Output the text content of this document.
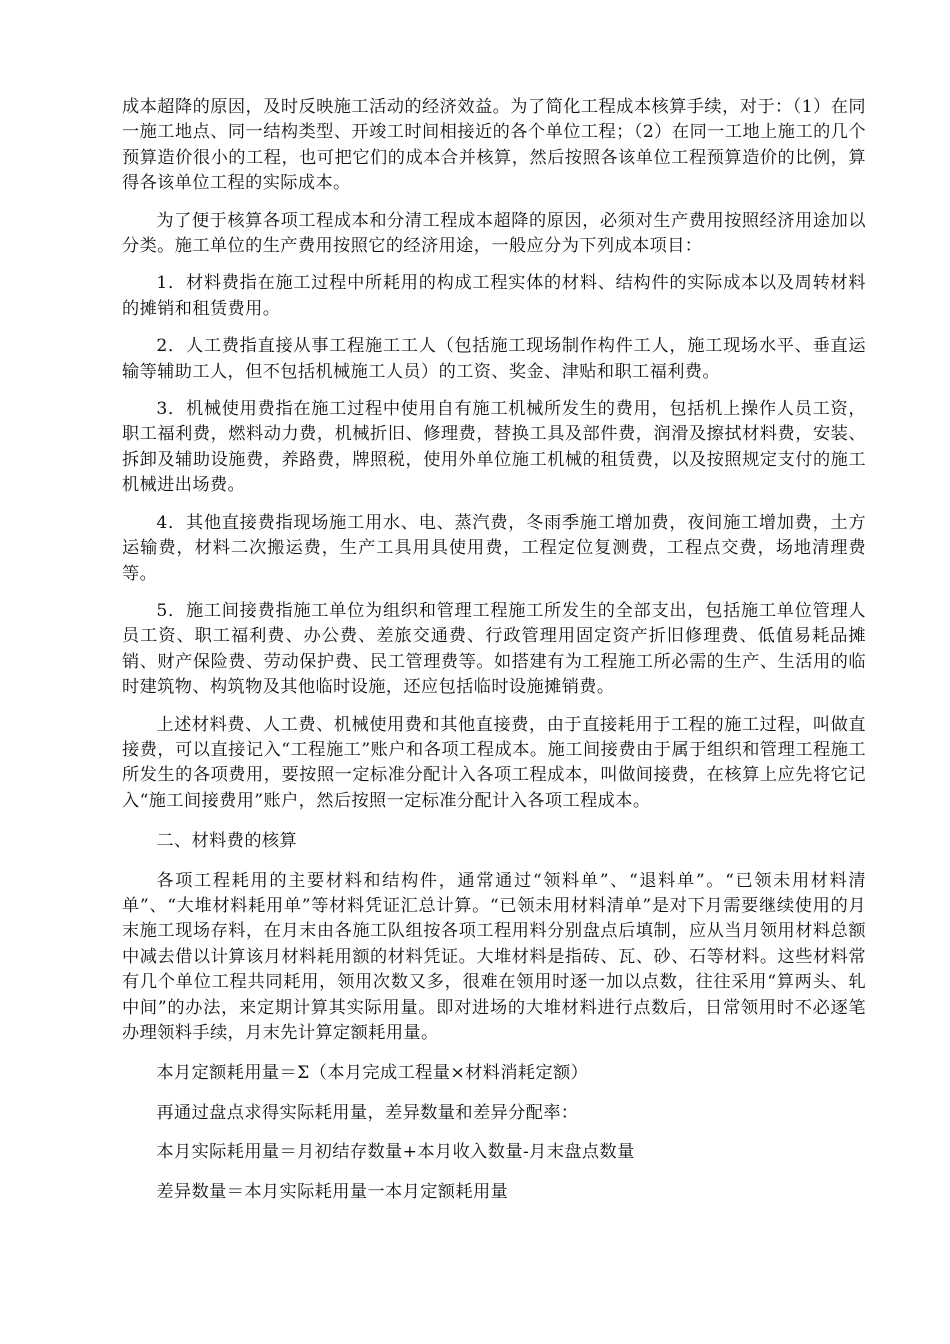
成本超降的原因，及时反映施工活动的经济效益。为了简化工程成本核算手续，对于：（1）在同一施工地点、同一结构类型、开竣工时间相接近的各个单位工程；（2）在同一工地上施工的几个预算造价很小的工程，也可把它们的成本合并核算，然后按照各该单位工程预算造价的比例，算得各该单位工程的实际成本。

为了便于核算各项工程成本和分清工程成本超降的原因，必须对生产费用按照经济用途加以分类。施工单位的生产费用按照它的经济用途，一般应分为下列成本项目：

1．材料费指在施工过程中所耗用的构成工程实体的材料、结构件的实际成本以及周转材料的摊销和租赁费用。

2．人工费指直接从事工程施工工人（包括施工现场制作构件工人，施工现场水平、垂直运输等辅助工人，但不包括机械施工人员）的工资、奖金、津贴和职工福利费。

3．机械使用费指在施工过程中使用自有施工机械所发生的费用，包括机上操作人员工资，职工福利费，燃料动力费，机械折旧、修理费，替换工具及部件费，润滑及擦拭材料费，安装、拆卸及辅助设施费，养路费，牌照税，使用外单位施工机械的租赁费，以及按照规定支付的施工机械进出场费。

4．其他直接费指现场施工用水、电、蒸汽费，冬雨季施工增加费，夜间施工增加费，土方运输费，材料二次搬运费，生产工具用具使用费，工程定位复测费，工程点交费，场地清理费等。

5．施工间接费指施工单位为组织和管理工程施工所发生的全部支出，包括施工单位管理人员工资、职工福利费、办公费、差旅交通费、行政管理用固定资产折旧修理费、低值易耗品摊销、财产保险费、劳动保护费、民工管理费等。如搭建有为工程施工所必需的生产、生活用的临时建筑物、构筑物及其他临时设施，还应包括临时设施摊销费。

上述材料费、人工费、机械使用费和其他直接费，由于直接耗用于工程的施工过程，叫做直接费，可以直接记入“工程施工”账户和各项工程成本。施工间接费由于属于组织和管理工程施工所发生的各项费用，要按照一定标准分配计入各项工程成本，叫做间接费，在核算上应先将它记入“施工间接费用”账户，然后按照一定标准分配计入各项工程成本。

二、材料费的核算

各项工程耗用的主要材料和结构件，通常通过“领料单”、“退料单”。“已领未用材料清单”、“大堆材料耗用单”等材料凭证汇总计算。“已领未用材料清单”是对下月需要继续使用的月末施工现场存料，在月末由各施工队组按各项工程用料分别盘点后填制，应从当月领用材料总额中减去借以计算该月材料耗用额的材料凭证。大堆材料是指砖、瓦、砂、石等材料。这些材料常有几个单位工程共同耗用，领用次数又多，很难在领用时逐一加以点数，往往采用“算两头、轧中间”的办法，来定期计算其实际用量。即对进场的大堆材料进行点数后，日常领用时不必逐笔办理领料手续，月末先计算定额耗用量。

本月定额耗用量＝Σ（本月完成工程量×材料消耗定额）

再通过盘点求得实际耗用量，差异数量和差异分配率：

本月实际耗用量＝月初结存数量+本月收入数量-月末盘点数量

差异数量＝本月实际耗用量一本月定额耗用量
